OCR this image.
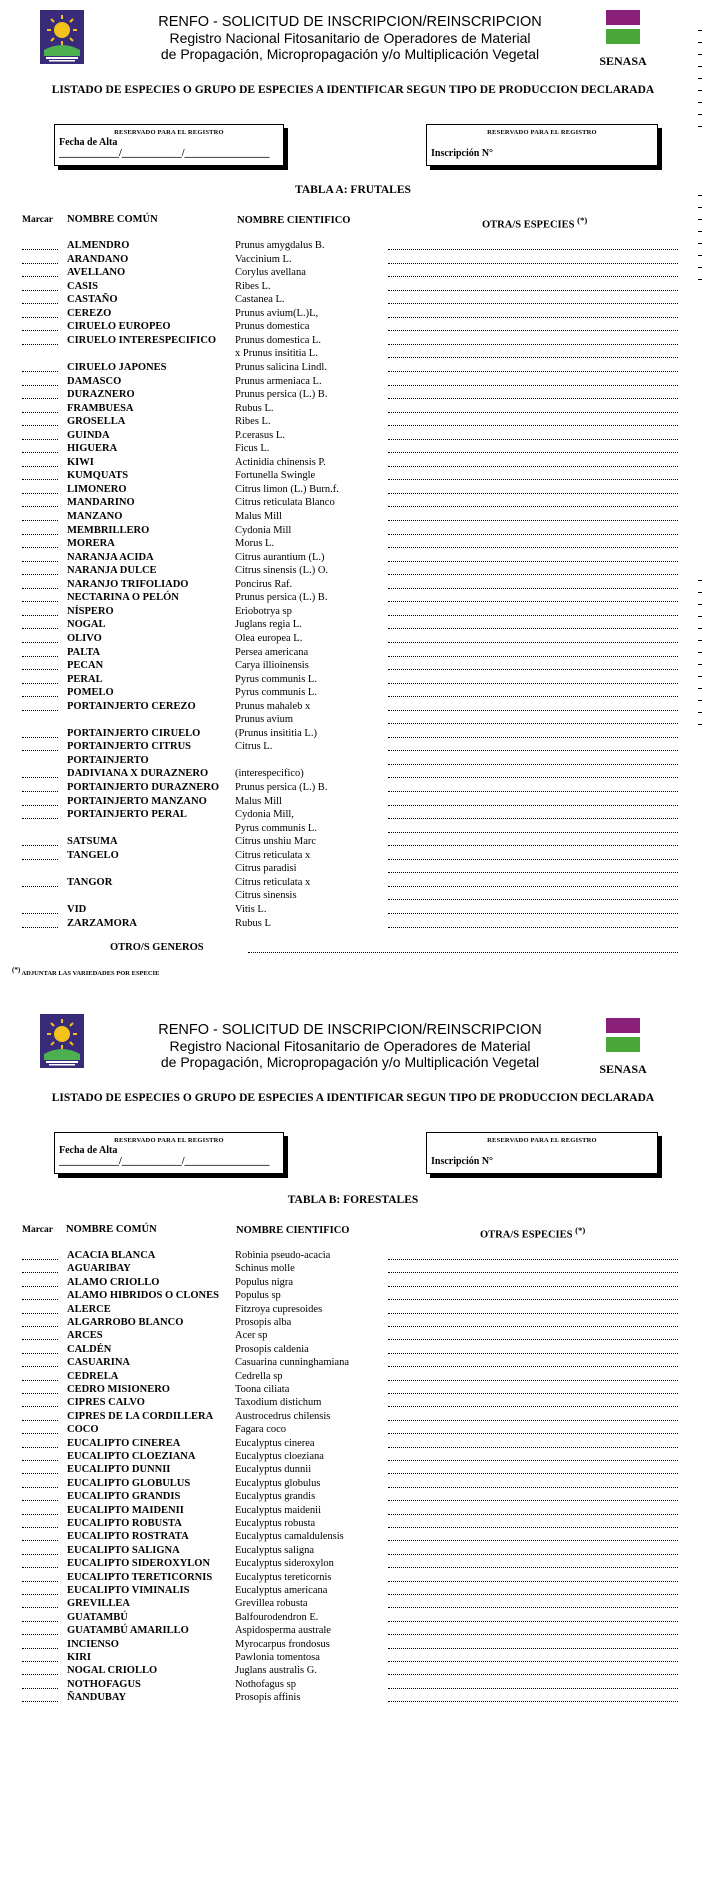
RENFO - SOLICITUD DE INSCRIPCION/REINSCRIPCION
Registro Nacional Fitosanitario de Operadores de Material
de Propagación, Micropropagación y/o Multiplicación Vegetal	SENASA
LISTADO DE ESPECIES O GRUPO DE ESPECIES A IDENTIFICAR SEGUN TIPO DE PRODUCCION DECLARADA
RESERVADO PARA EL REGISTRO
Fecha de Alta ____________/____________/_________________
RESERVADO PARA EL REGISTRO
Inscripción N°
TABLA A: FRUTALES
Marcar NOMBRE COMÚN	NOMBRE CIENTIFICO	OTRA/S ESPECIES (*)
ALMENDRO	Prunus amygdalus B.
ARANDANO	Vaccinium L.
AVELLANO	Corylus avellana
CASIS	Ribes L.
CASTAÑO	Castanea L.
CEREZO	Prunus avium(L.)L,
CIRUELO EUROPEO	Prunus domestica
CIRUELO INTERESPECIFICO Prunus domestica L.
x Prunus insititia L.
CIRUELO JAPONES	Prunus salicina Lindl.
DAMASCO	Prunus armeniaca L.
DURAZNERO	Prunus persica (L.) B.
FRAMBUESA	Rubus L.
GROSELLA	Ribes L.
GUINDA	P.cerasus L.
HIGUERA	Ficus L.
KIWI	Actinidia chinensis P.
KUMQUATS	Fortunella Swingle
LIMONERO	Citrus limon (L.) Burn.f.
MANDARINO	Citrus reticulata Blanco
MANZANO	Malus Mill
MEMBRILLERO	Cydonia Mill
MORERA	Morus L.
NARANJA ACIDA	Citrus aurantium (L.)
NARANJA DULCE	Citrus sinensis (L.) O.
NARANJO TRIFOLIADO	Poncirus Raf.
NECTARINA O PELÓN	Prunus persica (L.) B.
NÍSPERO	Eriobotrya sp
NOGAL	Juglans regia L.
OLIVO	Olea europea L.
PALTA	Persea americana
PECAN	Carya illioinensis
PERAL	Pyrus communis L.
POMELO	Pyrus communis L.
PORTAINJERTO CEREZO	Prunus mahaleb x
Prunus avium
PORTAINJERTO CIRUELO	(Prunus insititia L.)
PORTAINJERTO CITRUS	Citrus L.
PORTAINJERTO
DADIVIANA X DURAZNERO	(interespecifico)
PORTAINJERTO DURAZNERO Prunus persica (L.) B.
PORTAINJERTO MANZANO	Malus Mill
PORTAINJERTO PERAL	Cydonia Mill,
Pyrus communis L.
SATSUMA	Citrus unshiu Marc
TANGELO	Citrus reticulata x
Citrus paradisi
TANGOR	Citrus reticulata x
Citrus sinensis
VID	Vitis L.
ZARZAMORA	Rubus L
OTRO/S GENEROS
(*) ADJUNTAR LAS VARIEDADES POR ESPECIE
RENFO - SOLICITUD DE INSCRIPCION/REINSCRIPCION
Registro Nacional Fitosanitario de Operadores de Material
de Propagación, Micropropagación y/o Multiplicación Vegetal	SENASA
LISTADO DE ESPECIES O GRUPO DE ESPECIES A IDENTIFICAR SEGUN TIPO DE PRODUCCION DECLARADA
RESERVADO PARA EL REGISTRO
Fecha de Alta ____________/____________/_________________
RESERVADO PARA EL REGISTRO
Inscripción N°
TABLA B: FORESTALES
Marcar NOMBRE COMÚN	NOMBRE CIENTIFICO	OTRA/S ESPECIES (*)
ACACIA BLANCA	Robinia pseudo-acacia
AGUARIBAY	Schinus molle
ALAMO CRIOLLO	Populus nigra
ALAMO HIBRIDOS O CLONES Populus sp
ALERCE	Fitzroya cupresoides
ALGARROBO BLANCO	Prosopis alba
ARCES	Acer sp
CALDÉN	Prosopis caldenia
CASUARINA	Casuarina cunninghamiana
CEDRELA	Cedrella sp
CEDRO MISIONERO	Toona ciliata
CIPRES CALVO	Taxodium distichum
CIPRES DE LA CORDILLERA Austrocedrus chilensis
COCO	Fagara coco
EUCALIPTO CINEREA	Eucalyptus cinerea
EUCALIPTO CLOEZIANA	Eucalyptus cloeziana
EUCALIPTO DUNNII	Eucalyptus dunnii
EUCALIPTO GLOBULUS	Eucalyptus globulus
EUCALIPTO GRANDIS	Eucalyptus grandis
EUCALIPTO MAIDENII	Eucalyptus maidenii
EUCALIPTO ROBUSTA	Eucalyptus robusta
EUCALIPTO ROSTRATA	Eucalyptus camaldulensis
EUCALIPTO SALIGNA	Eucalyptus saligna
EUCALIPTO SIDEROXYLON Eucalyptus sideroxylon
EUCALIPTO TERETICORNIS Eucalyptus tereticornis
EUCALIPTO VIMINALIS	Eucalyptus americana
GREVILLEA	Grevillea robusta
GUATAMBÚ	Balfourodendron E.
GUATAMBÚ AMARILLO	Aspidosperma australe
INCIENSO	Myrocarpus frondosus
KIRI	Pawlonia tomentosa
NOGAL CRIOLLO	Juglans australis G.
NOTHOFAGUS	Nothofagus sp
ÑANDUBAY	Prosopis affinis
